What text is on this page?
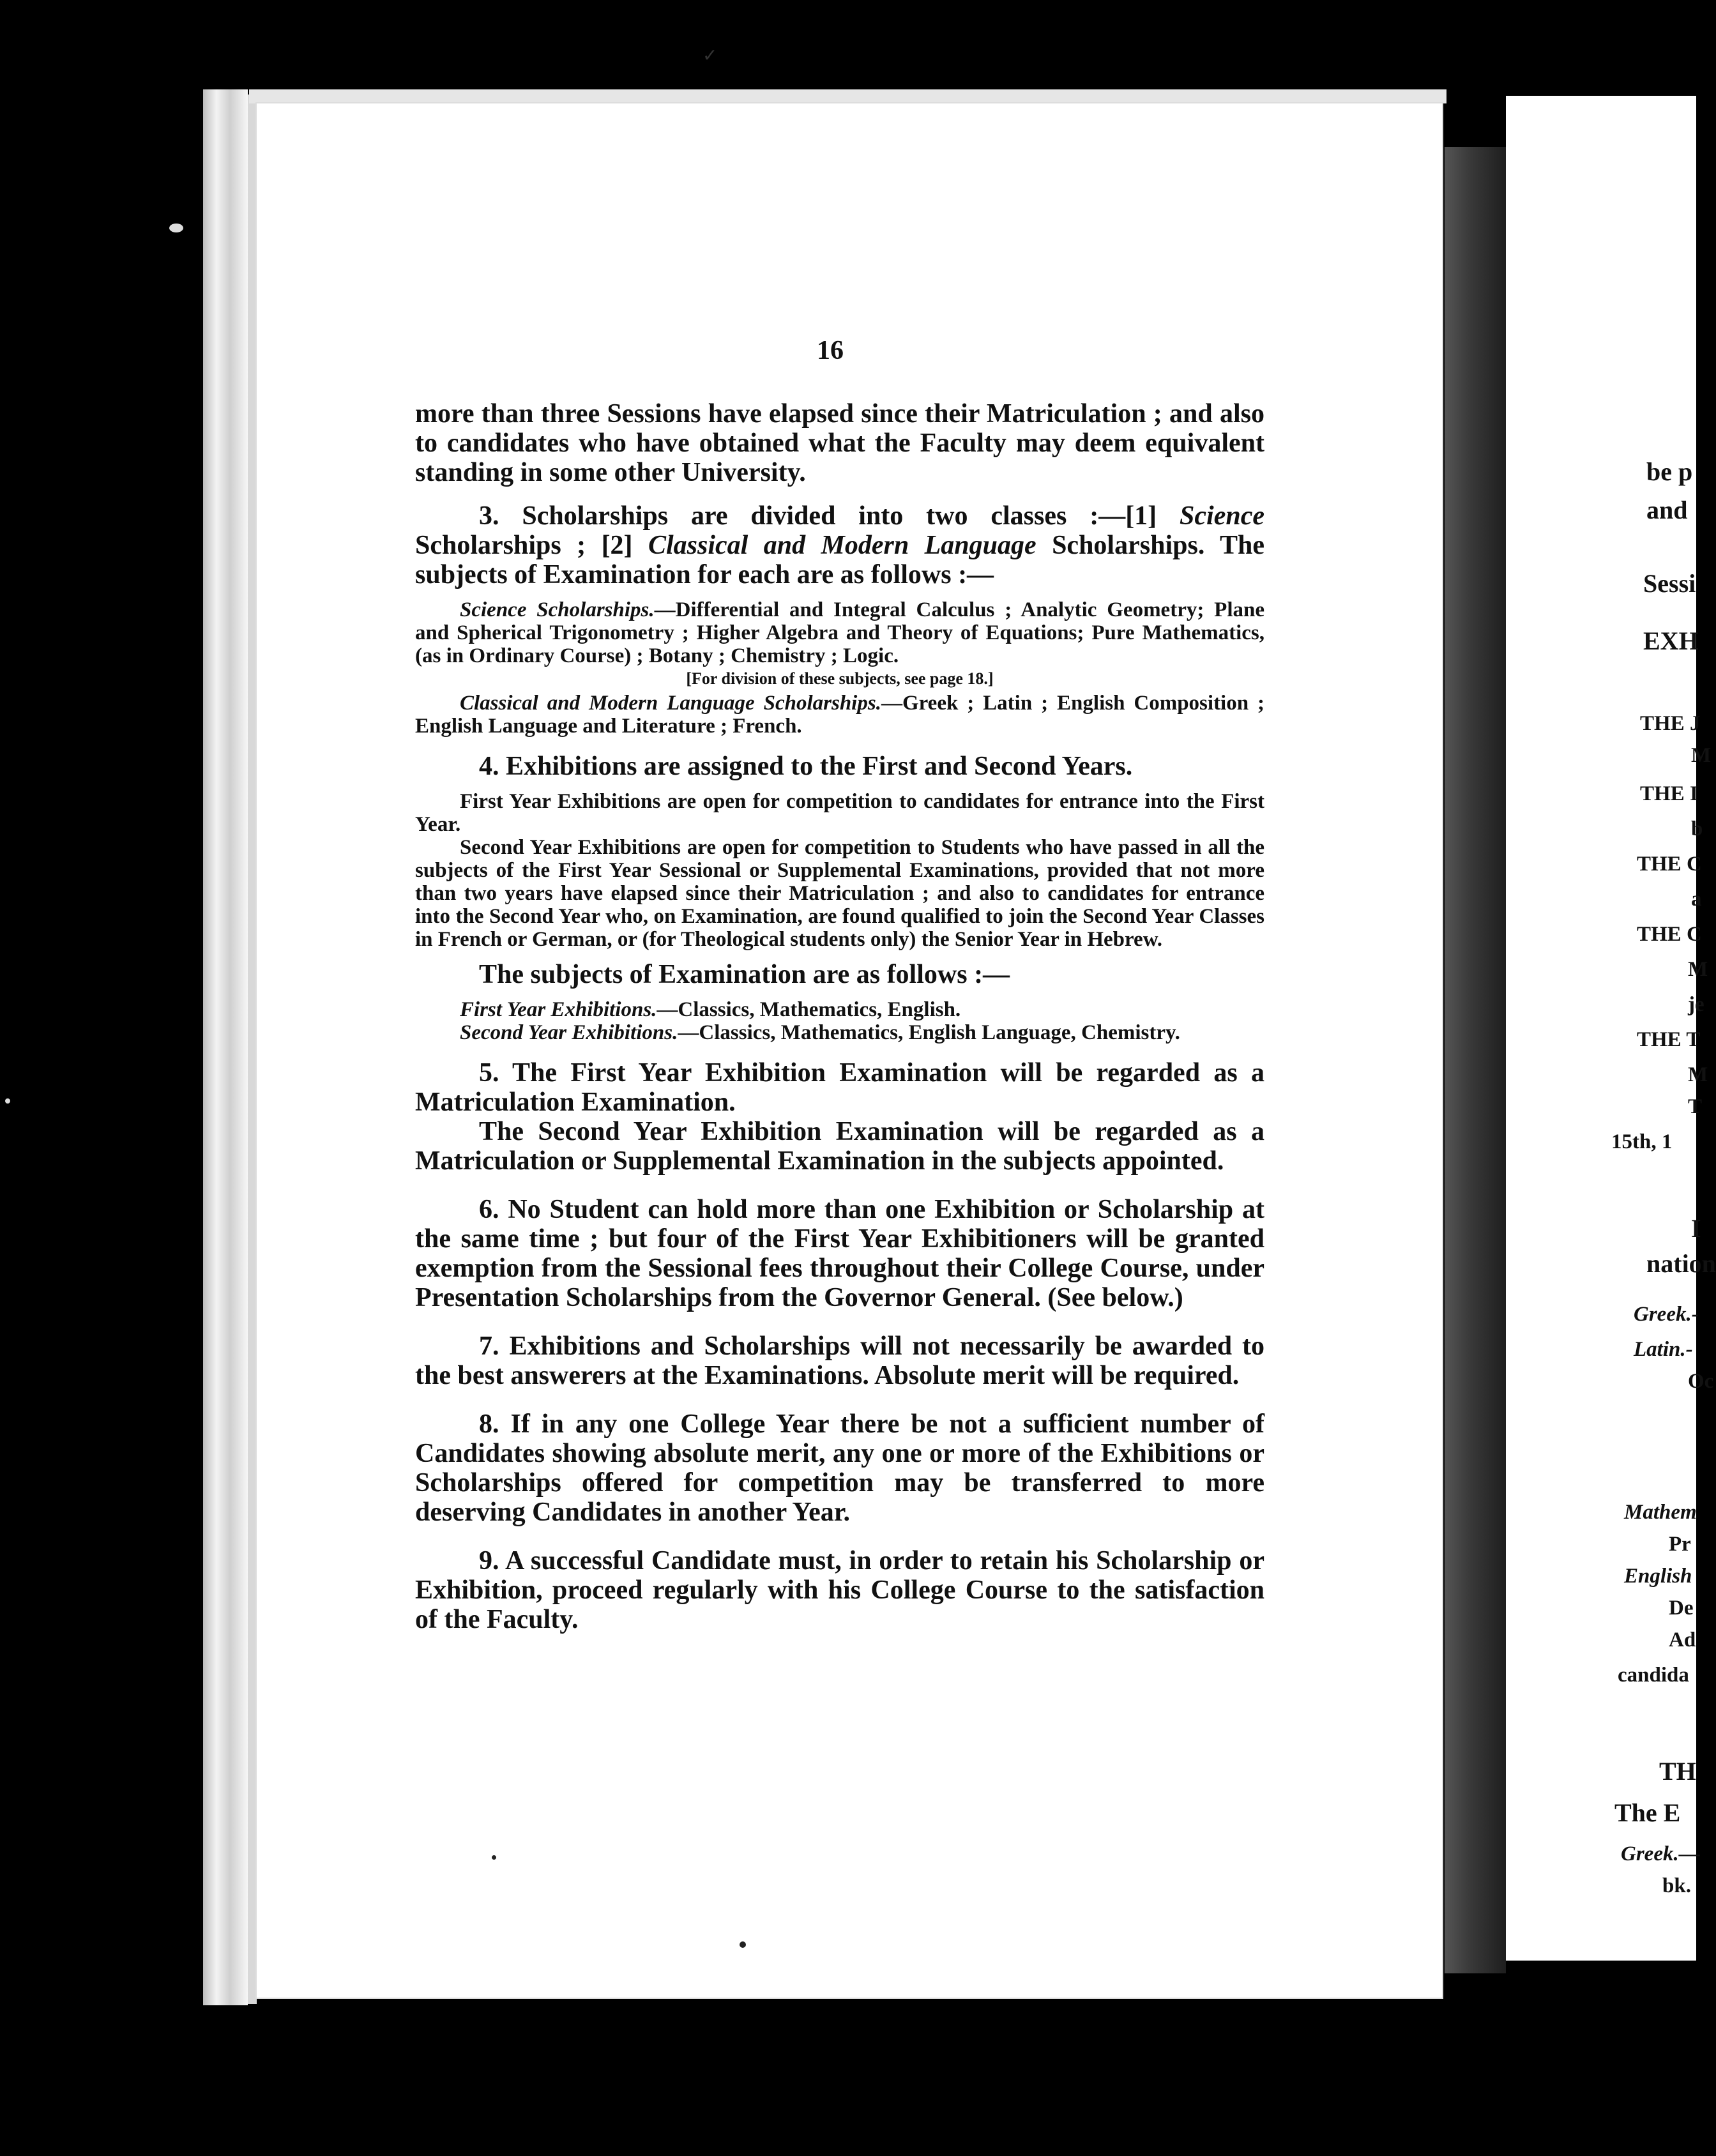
✓
16

more than three Sessions have elapsed since their Matriculation ; and also to candidates who have obtained what the Faculty may deem equivalent standing in some other University.

3. Scholarships are divided into two classes :—[1] Science Scholarships ; [2] Classical and Modern Language Scholarships. The subjects of Examination for each are as follows :—

Science Scholarships.—Differential and Integral Calculus ; Analytic Geometry; Plane and Spherical Trigonometry ; Higher Algebra and Theory of Equations; Pure Mathematics, (as in Ordinary Course) ; Botany ; Chemistry ; Logic.

[For division of these subjects, see page 18.]

Classical and Modern Language Scholarships.—Greek ; Latin ; English Composition ; English Language and Literature ; French.

4. Exhibitions are assigned to the First and Second Years.

First Year Exhibitions are open for competition to candidates for entrance into the First Year.

Second Year Exhibitions are open for competition to Students who have passed in all the subjects of the First Year Sessional or Supplemental Examinations, provided that not more than two years have elapsed since their Matriculation ; and also to candidates for entrance into the Second Year who, on Examination, are found qualified to join the Second Year Classes in French or German, or (for Theological students only) the Senior Year in Hebrew.

The subjects of Examination are as follows :—

First Year Exhibitions.—Classics, Mathematics, English.

Second Year Exhibitions.—Classics, Mathematics, English Language, Chemistry.

5. The First Year Exhibition Examination will be regarded as a Matriculation Examination.

The Second Year Exhibition Examination will be regarded as a Matriculation or Supplemental Examination in the subjects appointed.

6. No Student can hold more than one Exhibition or Scholarship at the same time ; but four of the First Year Exhibitioners will be granted exemption from the Sessional fees throughout their College Course, under Presentation Scholarships from the Governor General. (See below.)

7. Exhibitions and Scholarships will not necessarily be awarded to the best answerers at the Examinations. Absolute merit will be required.

8. If in any one College Year there be not a sufficient number of Candidates showing absolute merit, any one or more of the Exhibitions or Scholarships offered for competition may be transferred to more deserving Candidates in another Year.

9. A successful Candidate must, in order to retain his Scholarship or Exhibition, proceed regularly with his College Course to the satisfaction of the Faculty.

be p
and
Sessi
EXH
THE J
M
THE I
b
THE C
a
THE C
M
je
THE T
M
T
15th, 1
I
nation
Greek.-
Latin.-
Oc
Mathem
Pr
English
De
Ad
candida
TH
The E
Greek.—
bk.
